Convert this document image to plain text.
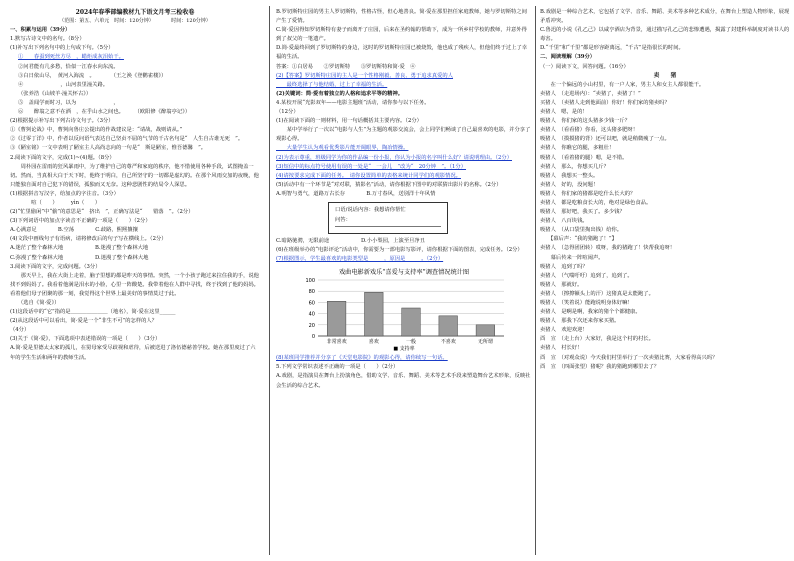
2024年春季部编教材九下语文月考三检收卷

（范围：第五、六单元　时间：120分钟）　　　　时间：120分钟）

一、积累与运用（39分）

1.默写古诗文中的名句。（8分）

(1)补写出下列名句中的上句或下句。（5分）

①　　春蚕到死丝方尽　，蜡炬成灰泪始干。

②问君能有几多愁，恰似一江春水向东流。

③白日依山尽，　黄河入海流　。　　　　（王之涣《登鹳雀楼》）

④　　　　　　　，山河表里潼关路。

（张养浩《山坡羊·潼关怀古》）

⑤　盖闻学而时习，以为　　　　　　　，

⑥　　醉翁之意不在酒　，在乎山水之间也。　　　（欧阳修《醉翁亭记》）

(2)根据提示补写出下列古诗文句子。（3分）

①《曹刿论战》中，曹刿向鲁庄公提出的作战建议是：“请战，战则请从。”

②《过零丁洋》中，作者以反问语气表达自己坚贞不屈的气节的千古名句是“　人生自古谁无死　”。

③《陋室铭》一文中表明了陋室主人高尚志向的一句是“　斯是陋室，惟吾德馨　”。

2.阅读下面的文字，完成(1)~(4)题。（8分）

　　周朴园在雷雨的狂风暴雨中，为了维护自己的尊严和家庭的秩序，他不惜使用各种手段，试图掩盖一切。然而，当真相大白于天下时，他终于明白，自己所坚守的一切都是虚幻的。在那个风雨交加的夜晚，他只能独自面对自己犯下的错误，孤独而又无奈。这种悲剧性的结局令人深思。

(1)根据拼音写汉字，给加点的字注音。（3分）

　　　　喧（　　）　　　yìn（　　）

(2)“忙里偷闲”中“偷”的意思是“　挤出　”，正确写法是“　　错落　”。（2分）

(3)下列词语中的加点字读音不正确的一项是（　　）（2分）

A.心满意足　　　　B.空荡　　　　C.歧路，熙熙攘攘

(4)文段中画线句子有语病，请将修改后的句子写在横线上。（2分）

A.迷茫了整个森林大地　　　　　　B.迷漫了整个森林大地

C.弥漫了整个森林大地　　　　　　D.迷漫了整个森林大地

3.阅读下面的文字，完成问题。（3分）

　　那天早上，我在大街上走着，脑子里想的都是昨天的事情。突然，一个小孩子跑过来拉住我的手，说他找不到妈妈了。我看着他满是泪水的小脸，心里一阵酸楚。我带着他在人群中寻找，终于找到了他的妈妈。看着他们母子团聚的那一刻，我觉得这个世界上最美好的事情莫过于此。

（选自《简·爱》）

(1)这段话中的“它”指的是＿＿＿＿＿＿＿（地名），简·爱在这里______

(2)从这段话中可以看出，简·爱是一个“非生不可”的怎样的人？

（4分）

(3)关于《简·爱》，下面选项中表述错误的一项是（　　）（3分）

A.简·爱是里德太太家的孤儿，在舅母家受尽歧视和虐待，后被送进了洛伍德慈善学校。她在那里度过了六年的学生生活和两年的教师生活。

B.罗切斯特庄园的男主人罗切斯特，性格古怪，但心地善良。简·爱在那里担任家庭教师，她与罗切斯特之间产生了爱情。

C.简·爱因得知罗切斯特有妻子而离开了庄园，后来在圣约翰的帮助下，成为一所乡村学校的教师，并意外得到了叔父的一笔遗产。

D.简·爱最终回到了罗切斯特的身边，这时的罗切斯特庄园已被烧毁，他也成了残疾人，但他们终于过上了幸福的生活。

答案：①白居易　　②罗切斯特　　③罗切斯特和简·爱　④

(2)【答案】罗切斯特庄园的主人是一个性格刚毅、善良、勇于追求真爱的人

　　最终选择了与他结婚，过上了幸福的生活。

(2)关键词：简·爱有着独立的人格和追求平等的精神。

4.某校开展“光影双年——电影主题班”活动，请你参与以下任务。

（12分）

(1)在阅读下面的一则材料，用一句话概括其主要内容。（2分）

　　某中学举行了一次以“电影与人生”为主题的观影交流会，会上同学们畅谈了自己最喜欢的电影，并分享了观影心得。

　　大量学生认为观看优秀影片能开阔眼界，陶冶情操。

(2)为表示尊重，班级同学为你的作品编一份小报，你认为小报的名字叫什么好？请说明理由。（2分）

(3)短信中的标点符号使用有误的一处是“　一会儿　”改为“　20分钟　”。（1分）

(4)请按要求完成下面的任务。　请你设置简单的表格来统计同学们的观影情况。

(5)活动中有一个环节是“对对联，猜影名”活动，请你根据下图中的对联猜出影片的名称。（2分）

A.明智与勇气，道路万古长存　　　　B.万寸春风，送别洋十年风情

口语/说话内容：我想请你帮忙
问答：

C.暗路驰骋，无限前途　　　　　　D.小小梨园，上演至旦净丑

(6)在班级举办的“电影评论”活动中，你需要为一部电影写影评，请你根据下面的图表，完成任务。（2分）

(7)根据图示，学生最喜欢的电影类型是______，原因是______。（2分）

戏曲电影新戏乐“喜爱与支持率”调查情况统计图
非常喜欢	喜欢	一般	不喜欢	无所谓
0
20
40
60
80
100
■ 支持率

(8)某班同学推荐并分享了《天堂电影院》的观影心得，请你续写一句话。

5.下列文学常识表述不正确的一项是（　　）（2分）

A.戏剧，是指演员在舞台上扮演角色，借助文学、音乐、舞蹈、美术等艺术手段来塑造舞台艺术形象，反映社会生活的综合艺术。

B.戏剧是一种综合艺术，它包括了文学、音乐、舞蹈、美术等多种艺术成分，在舞台上塑造人物形象，展现矛盾冲突。

C.鲁迅的小说《孔乙己》以咸亨酒店为背景，通过描写孔乙己的悲惨遭遇，揭露了封建科举制度对读书人的毒害。

D.“千里”和“千里”都是形容距离远，“千古”是指很长的时间。

二、阅读理解（39分）

（一）阅读下文，回答问题。（16分）

卖　　猪

　　在一个偏远的小山村里，有一户人家，男主人和女主人都很能干。

卖猪人　（走进场内）：“卖猪了，卖猪了！”

买猪人　（卖猪人走到他面前）你好！你们家的猪卖吗？

卖猪人　嗯，是的！

吸猪人　你们家的这头猪多少钱一斤？

卖猪人　（看看猪）你看，这头猪多肥呀！

吸猪人　（摸摸猪的背）还可以吧，就是稍微瘦了一点。

卖猪人　你瞧它的腿，多粗壮！

吸猪人　（看着猪的腿）嗯，是不错。

卖猪人　那么，你想买几斤？

吸猪人　我想买一整头。

卖猪人　好的，没问题！

吸猪人　你们家的猪都是吃什么长大的？

卖猪人　都是吃粮食长大的，绝对是绿色食品。

吸猪人　那好吧，我买了。多少钱？

卖猪人　八百块钱。

吸猪人　（从口袋里掏出钱）给你。

　　【幕后声：“我的猪跑了！”】

卖猪人　（急得团团转）哎呀，我的猪跑了！快帮我追呀！

　　幕后传来一阵喧闹声。

吸猪人　追到了吗？

卖猪人　（气喘吁吁）追到了，追到了。

吸猪人　那就好。

卖猪人　（擦擦额头上的汗）这猪真是太能跑了。

吸猪人　（笑着说）能跑说明身体好嘛！

卖猪人　是啊是啊，我家的猪个个都健康。

吸猪人　那我下次还来你家买猪。

卖猪人　欢迎欢迎！

酉　宣　（走上台）大家好，我是这个村的村长。

卖猪人　村长好！

酉　宣　（对观众说）今天我们村里举行了一次卖猪比赛，大家看得高兴吗？

酉　宣　（四面张望）猪呢？我的猪跑到哪里去了？
